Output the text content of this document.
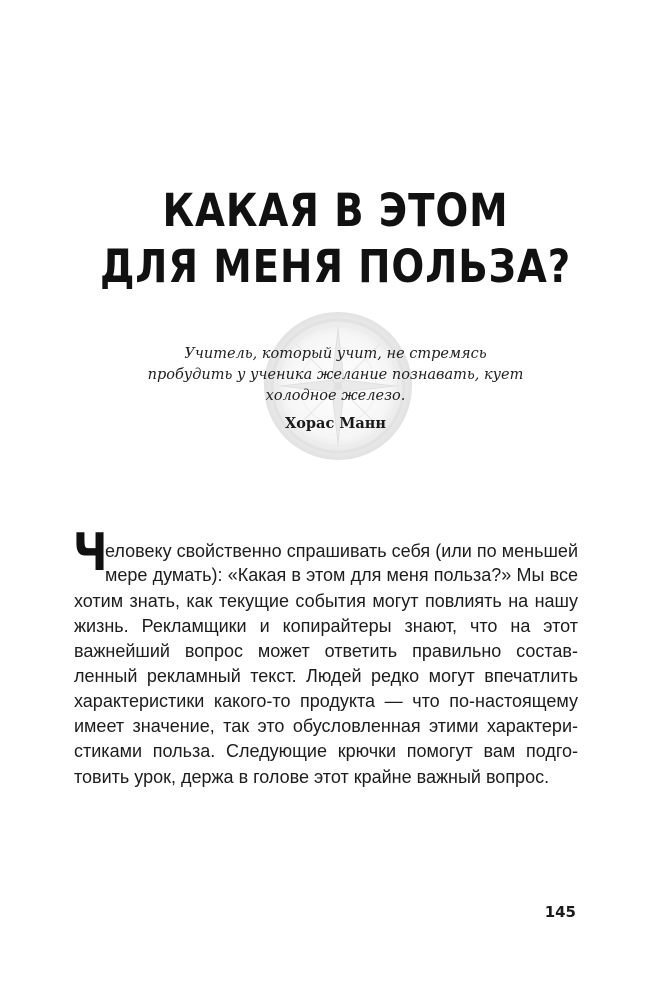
КАКАЯ В ЭТОМ
ДЛЯ МЕНЯ ПОЛЬЗА?
Учитель, который учит, не стремясь
пробудить у ученика желание познавать, кует
холодное железо.
Хорас Манн
Ч
еловеку свойственно спрашивать себя (или по меньшей
мере думать): «Какая в этом для меня польза?» Мы все
хотим знать, как текущие события могут повлиять на нашу
жизнь. Рекламщики и копирайтеры знают, что на этот
важнейший вопрос может ответить правильно состав-
ленный рекламный текст. Людей редко могут впечатлить
характеристики какого-то продукта — что по-настоящему
имеет значение, так это обусловленная этими характери-
стиками польза. Следующие крючки помогут вам подго-
товить урок, держа в голове этот крайне важный вопрос.
145
